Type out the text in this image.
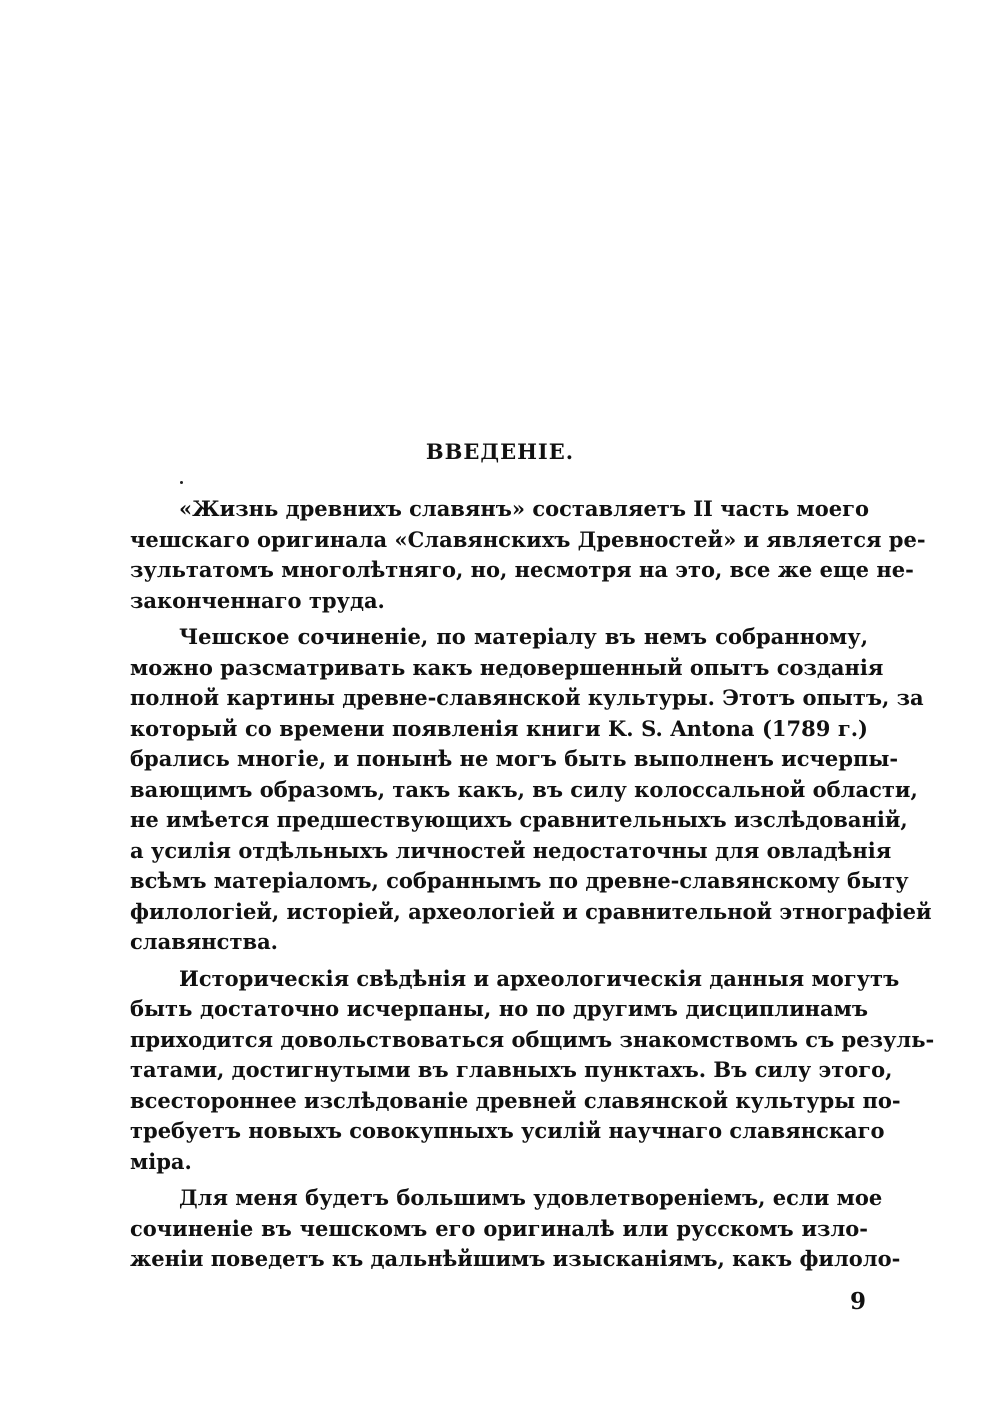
ВВЕДЕНІЕ.
«Жизнь древнихъ славянъ» составляетъ II часть моего
чешскаго оригинала «Славянскихъ Древностей» и является ре-
зультатомъ многолѣтняго, но, несмотря на это, все же еще не-
законченнаго труда.
Чешское сочиненіе, по матеріалу въ немъ собранному,
можно разсматривать какъ недовершенный опытъ созданія
полной картины древне-славянской культуры. Этотъ опытъ, за
который со времени появленія книги K. S. Antona (1789 г.)
брались многіе, и понынѣ не могъ быть выполненъ исчерпы-
вающимъ образомъ, такъ какъ, въ силу колоссальной области,
не имѣется предшествующихъ сравнительныхъ изслѣдованій,
а усилія отдѣльныхъ личностей недостаточны для овладѣнія
всѣмъ матеріаломъ, собраннымъ по древне-славянскому быту
филологіей, исторіей, археологіей и сравнительной этнографіей
славянства.
Историческія свѣдѣнія и археологическія данныя могутъ
быть достаточно исчерпаны, но по другимъ дисциплинамъ
приходится довольствоваться общимъ знакомствомъ съ резуль-
татами, достигнутыми въ главныхъ пунктахъ. Въ силу этого,
всестороннее изслѣдованіе древней славянской культуры по-
требуетъ новыхъ совокупныхъ усилій научнаго славянскаго
міра.
Для меня будетъ большимъ удовлетвореніемъ, если мое
сочиненіе въ чешскомъ его оригиналѣ или русскомъ изло-
женіи поведетъ къ дальнѣйшимъ изысканіямъ, какъ филоло-
9
